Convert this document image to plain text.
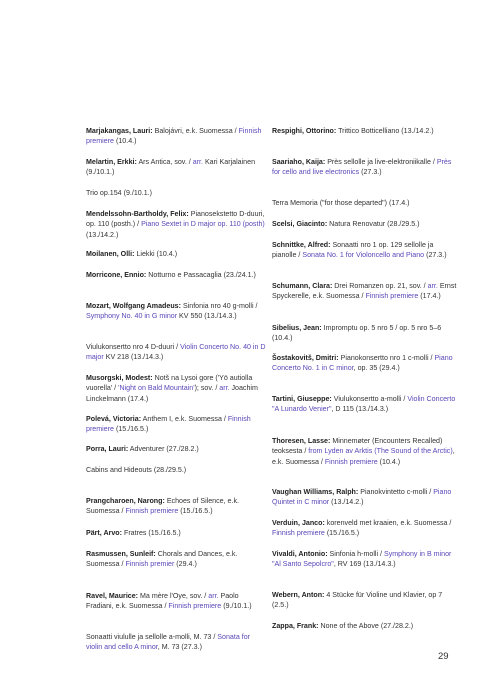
Marjakangas, Lauri: Balojávri, e.k. Suomessa / Finnish premiere (10.4.)

Melartin, Erkki: Ars Antica, sov. / arr. Kari Karjalainen (9./10.1.)

Trio op.154 (9./10.1.)

Mendelssohn-Bartholdy, Felix: Pianosekstetto D-duuri, op. 110 (posth.) / Piano Sextet in D major op. 110 (posth) (13./14.2.)

Moilanen, Olli: Liekki (10.4.)

Morricone, Ennio: Notturno e Passacaglia (23./24.1.)

Mozart, Wolfgang Amadeus: Sinfonia nro 40 g-molli / Symphony No. 40 in G minor KV 550 (13./14.3.)

Viulukonsertto nro 4 D-duuri / Violin Concerto No. 40 in D major KV 218 (13./14.3.)

Musorgski, Modest: Notš na Lysoi gore ('Yö autiolla vuorella' / 'Night on Bald Mountain'); sov. / arr. Joachim Linckelmann (17.4.)

Polevá, Victoria: Anthem I, e.k. Suomessa / Finnish premiere (15./16.5.)

Porra, Lauri: Adventurer (27./28.2.)

Cabins and Hideouts (28./29.5.)

Prangcharoen, Narong: Echoes of Silence, e.k. Suomessa / Finnish premiere (15./16.5.)

Pärt, Arvo: Fratres (15./16.5.)

Rasmussen, Sunleif: Chorals and Dances, e.k. Suomessa / Finnish premier (29.4.)

Ravel, Maurice: Ma mère l'Oye, sov. / arr. Paolo Fradiani, e.k. Suomessa / Finnish premiere (9./10.1.)

Sonaatti viululle ja sellolle a-molli, M. 73 / Sonata for violin and cello A minor, M. 73 (27.3.)

Respighi, Ottorino: Trittico Botticelliano (13./14.2.)

Saariaho, Kaija: Près sellolle ja live-elektroniikalle / Près for cello and live electronics (27.3.)

Terra Memoria ("for those departed") (17.4.)

Scelsi, Giacinto: Natura Renovatur (28./29.5.)

Schnittke, Alfred: Sonaatti nro 1 op. 129 sellolle ja pianolle / Sonata No. 1 for Violoncello and Piano (27.3.)

Schumann, Clara: Drei Romanzen op. 21, sov. / arr. Ernst Spyckerelle, e.k. Suomessa / Finnish premiere (17.4.)

Sibelius, Jean: Impromptu op. 5 nro 5 / op. 5 nro 5–6 (10.4.)

Šostakovitš, Dmitri: Pianokonsertto nro 1 c-molli / Piano Concerto No. 1 in C minor, op. 35 (29.4.)

Tartini, Giuseppe: Viulukonsertto a-molli / Violin Concerto "A Lunardo Venier", D 115 (13./14.3.)

Thoresen, Lasse: Minnemøter (Encounters Recalled) teoksesta / from Lyden av Arktis (The Sound of the Arctic), e.k. Suomessa / Finnish premiere (10.4.)

Vaughan Williams, Ralph: Pianokvintetto c-molli / Piano Quintet in C minor (13./14.2.)

Verduin, Janco: korenveld met kraaien, e.k. Suomessa / Finnish premiere (15./16.5.)

Vivaldi, Antonio: Sinfonia h-molli / Symphony in B minor "Al Santo Sepolcro", RV 169 (13./14.3.)

Webern, Anton: 4 Stücke für Violine und Klavier, op 7 (2.5.)

Zappa, Frank: None of the Above (27./28.2.)

29
